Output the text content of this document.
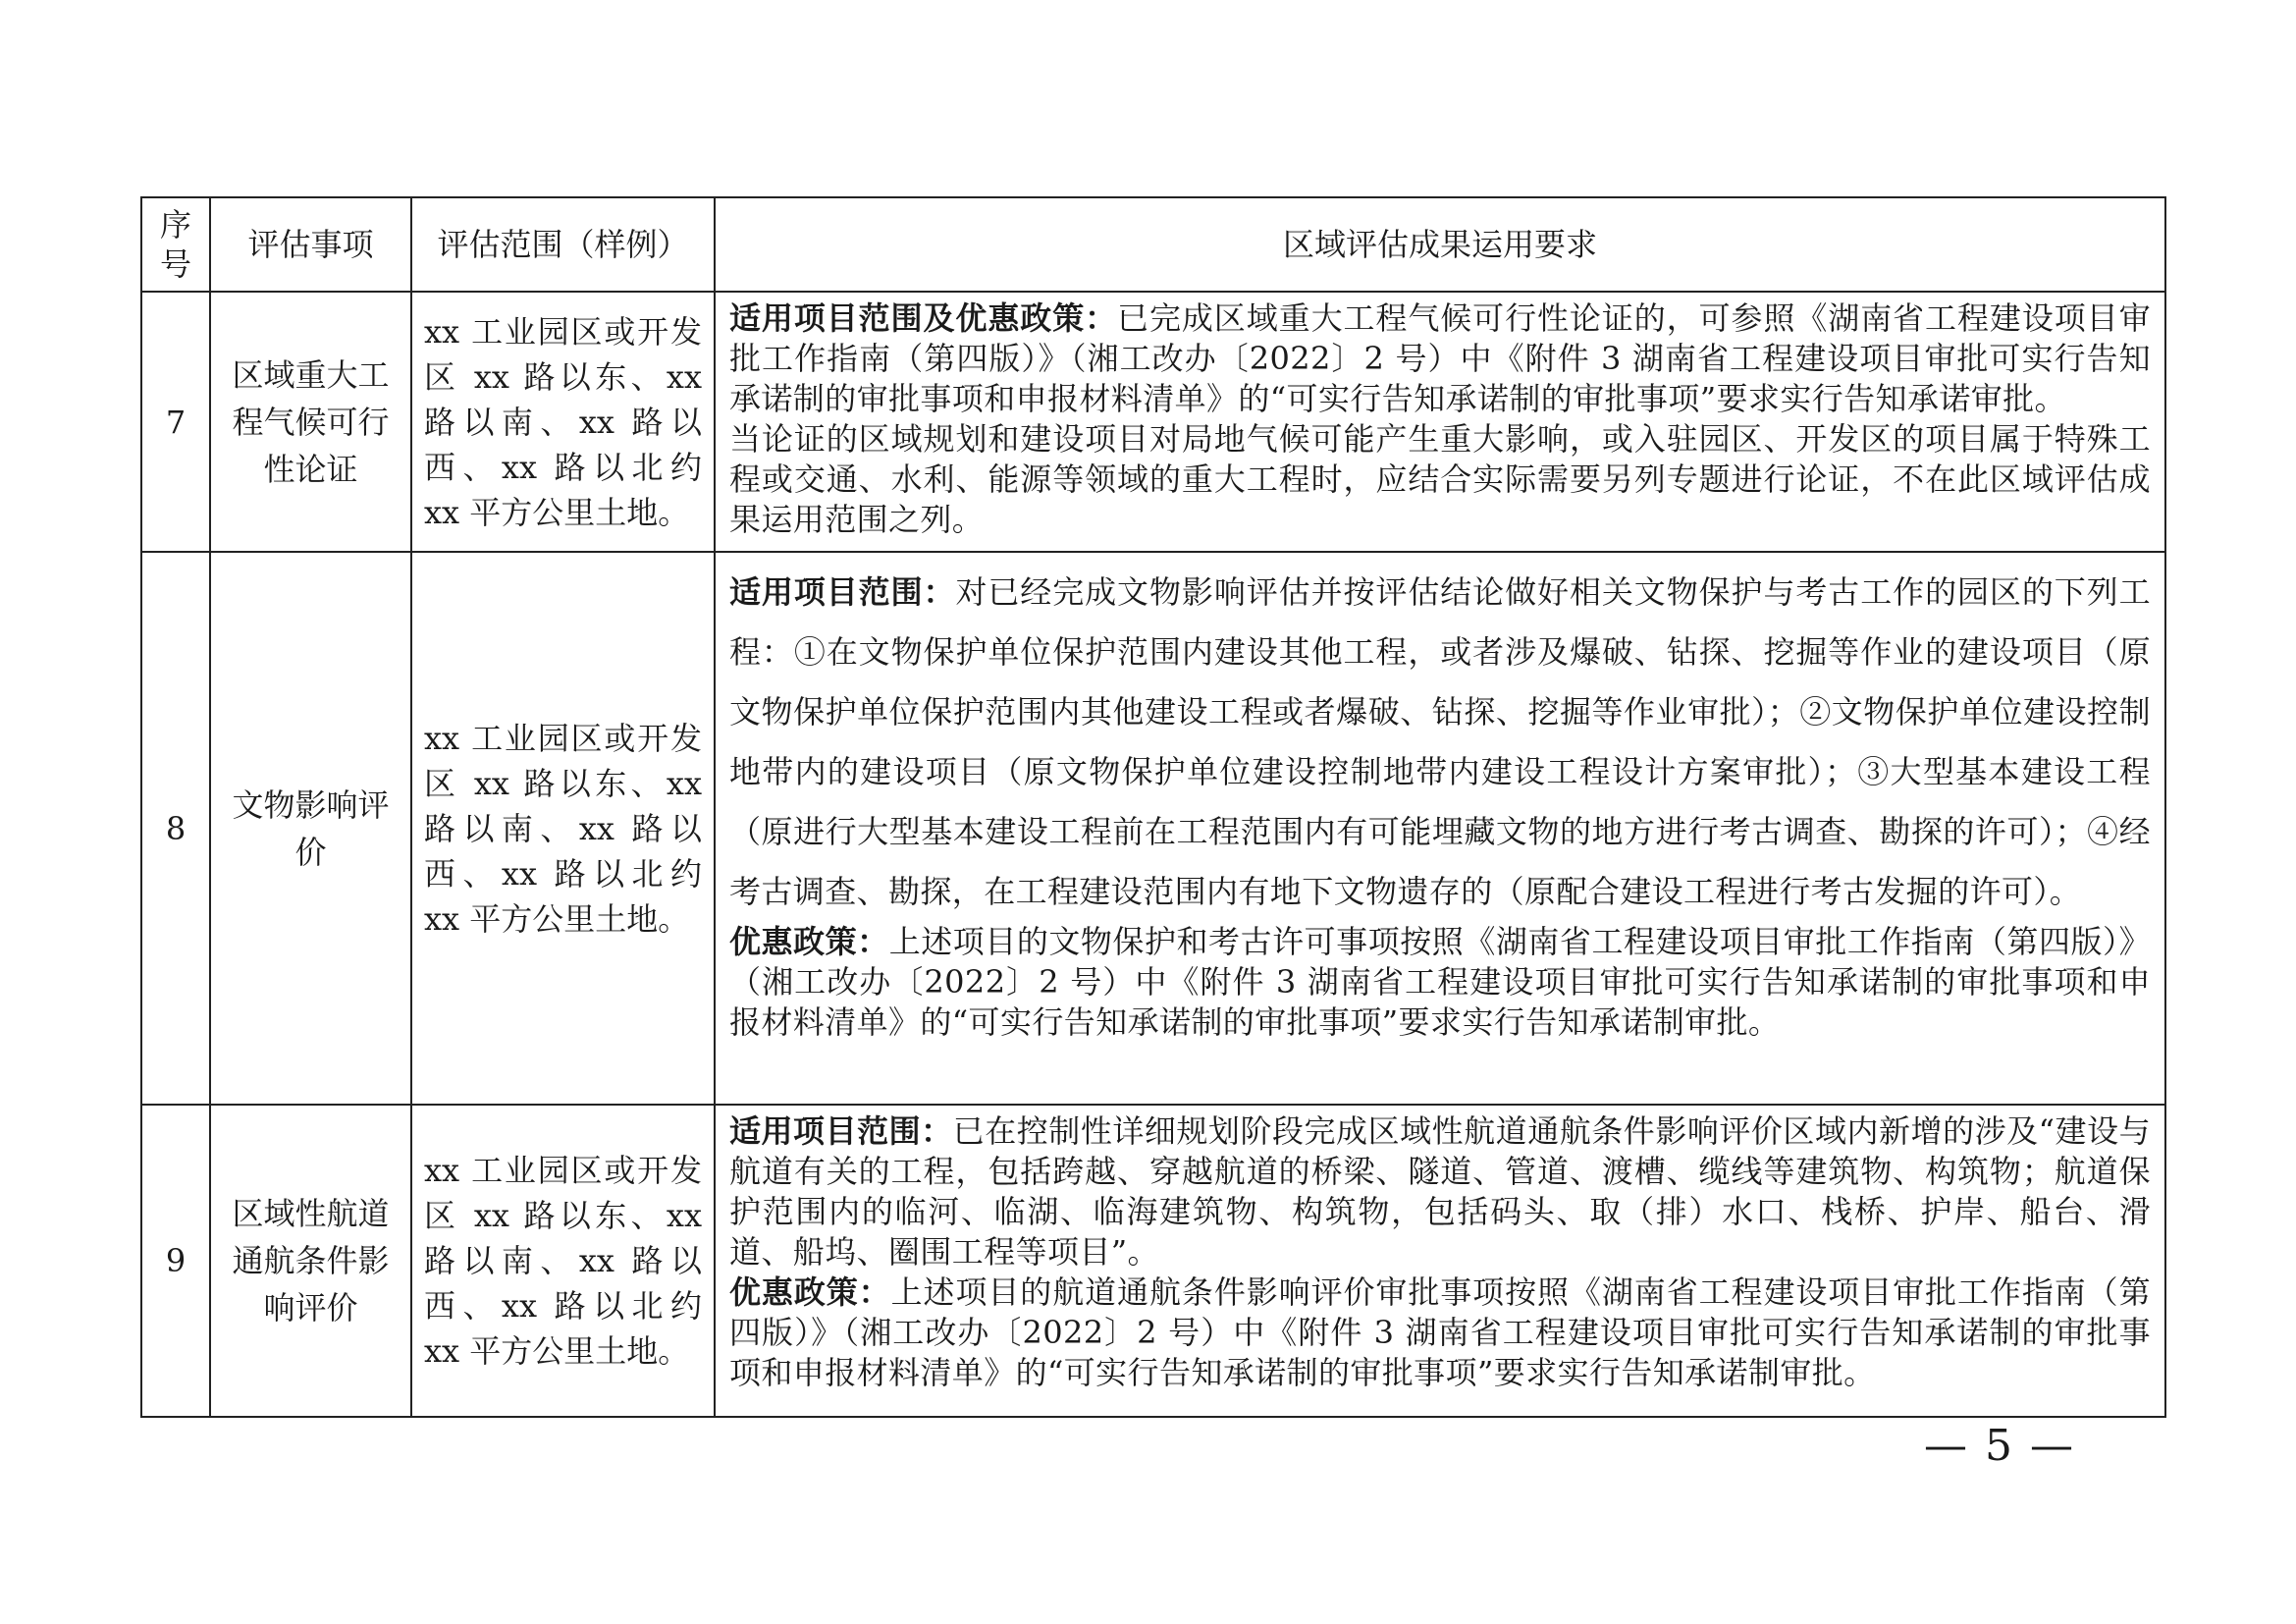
序
号	评估事项	评估范围（样例）	区域评估成果运用要求
7	区域重大工程气候可行性论证	xx 工业园区或开发区 xx 路以东、xx 路以南、xx 路以西、xx 路以北约 xx 平方公里土地。	适用项目范围及优惠政策：已完成区域重大工程气候可行性论证的，可参照《湖南省工程建设项目审批工作指南（第四版）》（湘工改办〔2022〕2 号）中《附件 3 湖南省工程建设项目审批可实行告知承诺制的审批事项和申报材料清单》的“可实行告知承诺制的审批事项”要求实行告知承诺审批。
当论证的区域规划和建设项目对局地气候可能产生重大影响，或入驻园区、开发区的项目属于特殊工程或交通、水利、能源等领域的重大工程时，应结合实际需要另列专题进行论证，不在此区域评估成果运用范围之列。

8	文物影响评价	xx 工业园区或开发区 xx 路以东、xx 路以南、xx 路以西、xx 路以北约 xx 平方公里土地。	适用项目范围：对已经完成文物影响评估并按评估结论做好相关文物保护与考古工作的园区的下列工程：①在文物保护单位保护范围内建设其他工程，或者涉及爆破、钻探、挖掘等作业的建设项目（原文物保护单位保护范围内其他建设工程或者爆破、钻探、挖掘等作业审批）；②文物保护单位建设控制地带内的建设项目（原文物保护单位建设控制地带内建设工程设计方案审批）；③大型基本建设工程（原进行大型基本建设工程前在工程范围内有可能埋藏文物的地方进行考古调查、勘探的许可）；④经考古调查、勘探，在工程建设范围内有地下文物遗存的（原配合建设工程进行考古发掘的许可）。
优惠政策：上述项目的文物保护和考古许可事项按照《湖南省工程建设项目审批工作指南（第四版）》（湘工改办〔2022〕2 号）中《附件 3 湖南省工程建设项目审批可实行告知承诺制的审批事项和申报材料清单》的“可实行告知承诺制的审批事项”要求实行告知承诺制审批。

9	区域性航道通航条件影响评价	xx 工业园区或开发区 xx 路以东、xx 路以南、xx 路以西、xx 路以北约 xx 平方公里土地。	适用项目范围：已在控制性详细规划阶段完成区域性航道通航条件影响评价区域内新增的涉及“建设与航道有关的工程，包括跨越、穿越航道的桥梁、隧道、管道、渡槽、缆线等建筑物、构筑物；航道保护范围内的临河、临湖、临海建筑物、构筑物，包括码头、取（排）水口、栈桥、护岸、船台、滑道、船坞、圈围工程等项目”。
优惠政策：上述项目的航道通航条件影响评价审批事项按照《湖南省工程建设项目审批工作指南（第四版）》（湘工改办〔2022〕2 号）中《附件 3 湖南省工程建设项目审批可实行告知承诺制的审批事项和申报材料清单》的“可实行告知承诺制的审批事项”要求实行告知承诺制审批。
— 5 —
